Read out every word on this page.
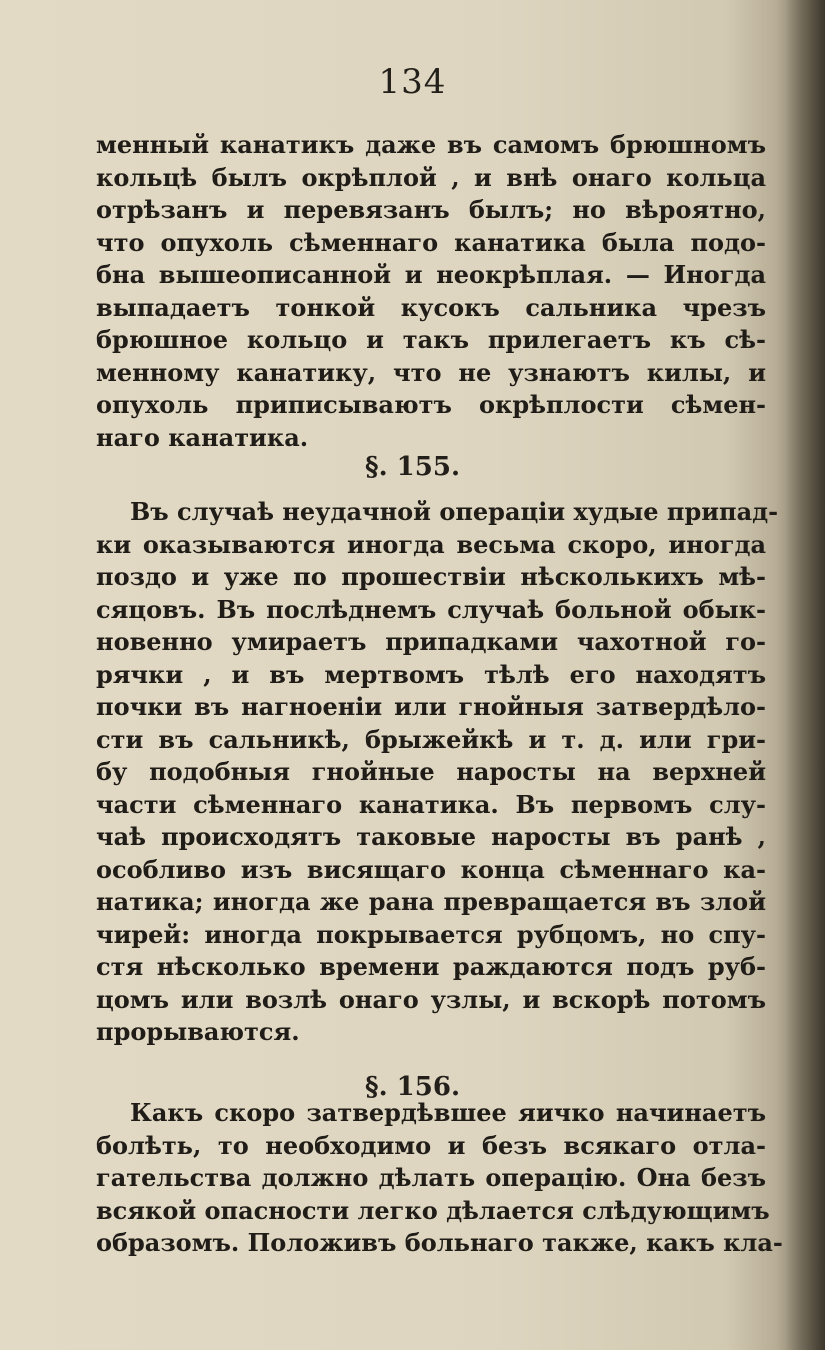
134
менный канатикъ даже въ самомъ брюшномъ
кольцѣ былъ окрѣплой , и внѣ онаго кольца
отрѣзанъ и перевязанъ былъ; но вѣроятно,
что опухоль сѣменнаго канатика была подо-
бна вышеописанной и неокрѣплая. — Иногда
выпадаетъ тонкой кусокъ сальника чрезъ
брюшное кольцо и такъ прилегаетъ къ сѣ-
менному канатику, что не узнаютъ килы, и
опухоль приписываютъ окрѣплости сѣмен-
наго канатика.
§. 155.
Въ случаѣ неудачной операціи худые припад-
ки оказываются иногда весьма скоро, иногда
поздо и уже по прошествіи нѣсколькихъ мѣ-
сяцовъ. Въ послѣднемъ случаѣ больной обык-
новенно умираетъ припадками чахотной го-
рячки , и въ мертвомъ тѣлѣ его находятъ
почки въ нагноеніи или гнойныя затвердѣло-
сти въ сальникѣ, брыжейкѣ и т. д. или гри-
бу подобныя гнойные наросты на верхней
части сѣменнаго канатика. Въ первомъ слу-
чаѣ происходятъ таковые наросты въ ранѣ ,
особливо изъ висящаго конца сѣменнаго ка-
натика; иногда же рана превращается въ злой
чирей: иногда покрывается рубцомъ, но спу-
стя нѣсколько времени раждаются подъ руб-
цомъ или возлѣ онаго узлы, и вскорѣ потомъ
прорываются.
§. 156.
Какъ скоро затвердѣвшее яичко начинаетъ
болѣть, то необходимо и безъ всякаго отла-
гательства должно дѣлать операцію. Она безъ
всякой опасности легко дѣлается слѣдующимъ
образомъ. Положивъ больнаго также, какъ кла-
